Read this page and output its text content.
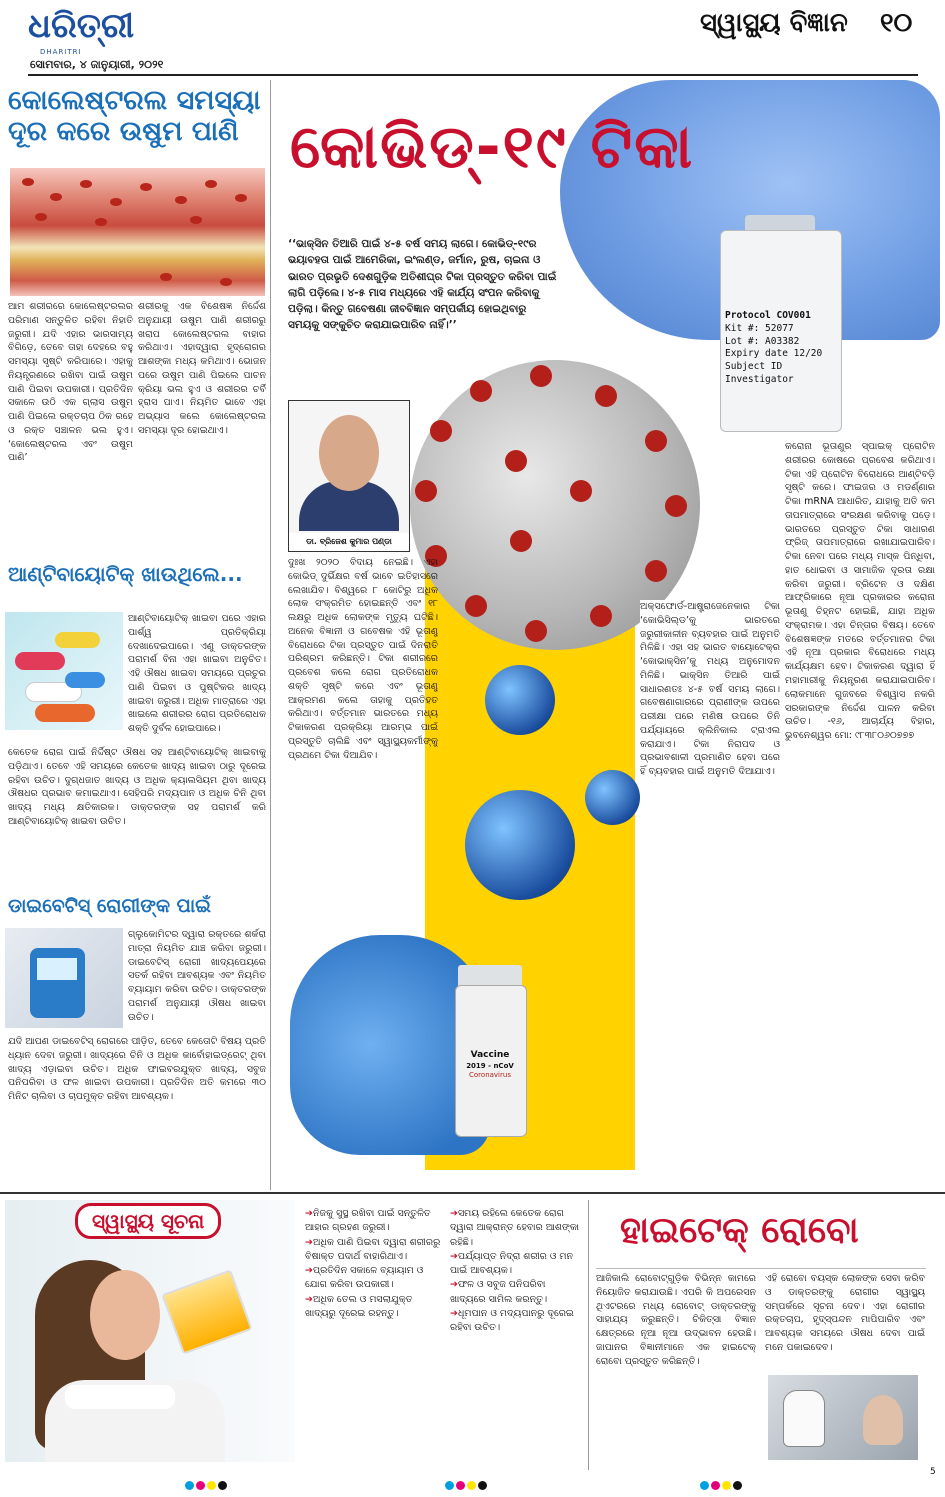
ଧରିତ୍ରୀ
DHARITRI
ସୋମବାର, ୪ ଜାନୁୟାରୀ, ୨୦୨୧
ସ୍ୱାସ୍ଥ୍ୟ ବିଜ୍ଞାନ ୧୦
କୋଲେଷ୍ଟରଲ ସମସ୍ୟା
ଦୂର କରେ ଉଷୁମ ପାଣି
ଆମ ଶରୀରରେ କୋଲେଷ୍ଟରଲର ପରିମାଣ ସନ୍ତୁଳିତ ରହିବା ନିହାତି ଜରୁରୀ। ଯଦି ଏହାର ଭାରସାମ୍ୟ ବିଗିଡ଼େ, ତେବେ ତାହା ଦେହରେ ବହୁ ସମସ୍ୟା ସୃଷ୍ଟି କରିପାରେ। ଏହାକୁ ନିୟନ୍ତ୍ରଣରେ ରଖିବା ପାଇଁ ଉଷୁମ ପାଣି ପିଇବା ଉପକାରୀ। ପ୍ରତିଦିନ ସକାଳେ ଉଠି ଏକ ଗ୍ଲାସ ଉଷୁମ ପାଣି ପିଇଲେ ରକ୍ତଚାପ ଠିକ ରହେ ଓ ରକ୍ତ ସଞ୍ଚାଳନ ଭଲ ହୁଏ। ‘କୋଲେଷ୍ଟରଲ ଏବଂ ଉଷୁମ ପାଣି’
ଶରୀରକୁ ଏକ ବିଶେଷଜ୍ଞ ନିର୍ଦ୍ଦେଶ ଅନୁଯାୟୀ ଉଷୁମ ପାଣି ଶରୀରରୁ ଖରାପ କୋଲେଷ୍ଟରଲ ବାହାର କରିଥାଏ। ଏହାଦ୍ୱାରା ହୃଦ୍‌ରୋଗର ଆଶଙ୍କା ମଧ୍ୟ କମିଥାଏ। ଭୋଜନ ପରେ ଉଷୁମ ପାଣି ପିଇଲେ ପାଚନ କ୍ରିୟା ଭଲ ହୁଏ ଓ ଶରୀରର ଚର୍ବି ହ୍ରାସ ପାଏ। ନିୟମିତ ଭାବେ ଏହା ଅଭ୍ୟାସ କଲେ କୋଲେଷ୍ଟରଲ ସମସ୍ୟା ଦୂର ହୋଇଥାଏ।
ଆଣ୍ଟିବାୟୋଟିକ୍ ଖାଉଥିଲେ...
ଆଣ୍ଟିବାୟୋଟିକ୍ ଖାଇବା ପରେ ଏହାର ପାର୍ଶ୍ୱ ପ୍ରତିକ୍ରିୟା ଦେଖାଦେଇପାରେ। ଏଣୁ ଡାକ୍ତରଙ୍କ ପରାମର୍ଶ ବିନା ଏହା ଖାଇବା ଅନୁଚିତ। ଏହି ଔଷଧ ଖାଇବା ସମୟରେ ପ୍ରଚୁର ପାଣି ପିଇବା ଓ ପୁଷ୍ଟିକର ଖାଦ୍ୟ ଖାଇବା ଜରୁରୀ। ଅଧିକ ମାତ୍ରାରେ ଏହା ଖାଇଲେ ଶରୀରର ରୋଗ ପ୍ରତିରୋଧକ ଶକ୍ତି ଦୁର୍ବଳ ହୋଇପାରେ।
କେତେକ ରୋଗ ପାଇଁ ନିର୍ଦ୍ଦିଷ୍ଟ ଔଷଧ ସହ ଆଣ୍ଟିବାୟୋଟିକ୍ ଖାଇବାକୁ ପଡ଼ିଥାଏ। ତେବେ ଏହି ସମୟରେ କେତେକ ଖାଦ୍ୟ ଖାଇବା ଠାରୁ ଦୂରେଇ ରହିବା ଉଚିତ। ଦୁଗ୍ଧଜାତ ଖାଦ୍ୟ ଓ ଅଧିକ କ୍ୟାଲସିୟମ ଥିବା ଖାଦ୍ୟ ଔଷଧର ପ୍ରଭାବ କମାଇଥାଏ। ସେହିପରି ମଦ୍ୟପାନ ଓ ଅଧିକ ଚିନି ଥିବା ଖାଦ୍ୟ ମଧ୍ୟ କ୍ଷତିକାରକ। ଡାକ୍ତରଙ୍କ ସହ ପରାମର୍ଶ କରି ଆଣ୍ଟିବାୟୋଟିକ୍ ଖାଇବା ଉଚିତ।
ଡାଇବେଟିସ୍ ରୋଗୀଙ୍କ ପାଇଁ
ଗ୍ଲୁକୋମିଟର ଦ୍ୱାରା ରକ୍ତରେ ଶର୍କରା ମାତ୍ରା ନିୟମିତ ଯାଞ୍ଚ କରିବା ଜରୁରୀ। ଡାଇବେଟିସ୍ ରୋଗୀ ଖାଦ୍ୟପେୟରେ ସତର୍କ ରହିବା ଆବଶ୍ୟକ ଏବଂ ନିୟମିତ ବ୍ୟାୟାମ କରିବା ଉଚିତ। ଡାକ୍ତରଙ୍କ ପରାମର୍ଶ ଅନୁଯାୟୀ ଔଷଧ ଖାଇବା ଉଚିତ।
ଯଦି ଆପଣ ଡାଇବେଟିସ୍ ରୋଗରେ ପୀଡ଼ିତ, ତେବେ କେତୋଟି ବିଷୟ ପ୍ରତି ଧ୍ୟାନ ଦେବା ଜରୁରୀ। ଖାଦ୍ୟରେ ଚିନି ଓ ଅଧିକ କାର୍ବୋହାଇଡ୍ରେଟ୍ ଥିବା ଖାଦ୍ୟ ଏଡ଼ାଇବା ଉଚିତ। ଅଧିକ ଫାଇବରଯୁକ୍ତ ଖାଦ୍ୟ, ସବୁଜ ପନିପରିବା ଓ ଫଳ ଖାଇବା ଉପକାରୀ। ପ୍ରତିଦିନ ଅତି କମରେ ୩୦ ମିନିଟ ଚାଲିବା ଓ ଚାପମୁକ୍ତ ରହିବା ଆବଶ୍ୟକ।
Protocol COV001
Kit #: 52077
Lot #: A03382
Expiry date 12/20
Subject ID
Investigator
କୋଭିଡ୍-୧୯ ଟିକା
‘‘ଭାକ୍‌ସିନ ତିଆରି ପାଇଁ ୪-୫ ବର୍ଷ ସମୟ ଲାଗେ। କୋଭିଡ୍-୧୯ର ଭୟାବହତା ପାଇଁ ଆମେରିକା, ଇଂଲଣ୍ଡ, ଜର୍ମାନ, ରୁଷ, ଚାଇନା ଓ ଭାରତ ପ୍ରଭୃତି ଦେଶଗୁଡ଼ିକ ଅତିଶୀଘ୍ର ଟିକା ପ୍ରସ୍ତୁତ କରିବା ପାଇଁ ଲାଗି ପଡ଼ିଲେ। ୪-୫ ମାସ ମଧ୍ୟରେ ଏହି କାର୍ଯ୍ୟ ସଂପନ କରିବାକୁ ପଡ଼ିଲା। କିନ୍ତୁ ଗବେଷଣା ଜୀବବିଜ୍ଞାନ ସମ୍ପର୍କୀୟ ହୋଇଥିବାରୁ ସମୟକୁ ସଙ୍କୁଚିତ କରାଯାଇପାରିବ ନାହିଁ।’’
ଡା. ବ୍ରିଜେଶ କୁମାର ପଣ୍ଡା
ଦୁଃଖ ୨୦୨୦ ବିଦାୟ ନେଇଛି। ଏହା କୋଭିଡ୍ ଦୁର୍ଭିକ୍ଷର ବର୍ଷ ଭାବେ ଇତିହାସରେ ଲେଖାଯିବ। ବିଶ୍ୱରେ ୮ କୋଟିରୁ ଅଧିକ ଲୋକ ସଂକ୍ରମିତ ହୋଇଛନ୍ତି ଏବଂ ୧୮ ଲକ୍ଷରୁ ଅଧିକ ଲୋକଙ୍କ ମୃତ୍ୟୁ ଘଟିଛି। ଅନେକ ବିଜ୍ଞାନୀ ଓ ଗବେଷକ ଏହି ଭୂତାଣୁ ବିରୋଧରେ ଟିକା ପ୍ରସ୍ତୁତ ପାଇଁ ଦିନରାତି ପରିଶ୍ରମ କରିଛନ୍ତି। ଟିକା ଶରୀରରେ ପ୍ରବେଶ କଲେ ରୋଗ ପ୍ରତିରୋଧକ ଶକ୍ତି ସୃଷ୍ଟି କରେ ଏବଂ ଭୂତାଣୁ ଆକ୍ରମଣ କଲେ ତାହାକୁ ପ୍ରତିହତ କରିଥାଏ। ବର୍ତ୍ତମାନ ଭାରତରେ ମଧ୍ୟ ଟିକାକରଣ ପ୍ରକ୍ରିୟା ଆରମ୍ଭ ପାଇଁ ପ୍ରସ୍ତୁତି ଚାଲିଛି ଏବଂ ସ୍ୱାସ୍ଥ୍ୟକର୍ମୀଙ୍କୁ ପ୍ରଥମେ ଟିକା ଦିଆଯିବ।
ଅକ୍ସଫୋର୍ଡ-ଆଷ୍ଟ୍ରାଜେନେକାର ଟିକା ‘କୋଭିସିଲ୍ଡ’କୁ ଭାରତରେ ଜରୁରୀକାଳୀନ ବ୍ୟବହାର ପାଇଁ ଅନୁମତି ମିଳିଛି। ଏହା ସହ ଭାରତ ବାୟୋଟେକ୍‌ର ‘କୋଭାକ୍ସିନ’କୁ ମଧ୍ୟ ଅନୁମୋଦନ ମିଳିଛି। ଭାକ୍‌ସିନ ତିଆରି ପାଇଁ ସାଧାରଣତଃ ୪-୫ ବର୍ଷ ସମୟ ଲାଗେ। ଗବେଷଣାଗାରରେ ପ୍ରାଣୀଙ୍କ ଉପରେ ପରୀକ୍ଷା ପରେ ମଣିଷ ଉପରେ ତିନି ପର୍ଯ୍ୟାୟରେ କ୍ଲିନିକାଲ ଟ୍ରାଏଲ କରାଯାଏ। ଟିକା ନିରାପଦ ଓ ପ୍ରଭାବଶାଳୀ ପ୍ରମାଣିତ ହେବା ପରେ ହିଁ ବ୍ୟବହାର ପାଇଁ ଅନୁମତି ଦିଆଯାଏ।
କରୋନା ଭୂତାଣୁର ସ୍ପାଇକ୍ ପ୍ରୋଟିନ ଶରୀରର କୋଷରେ ପ୍ରବେଶ କରିଥାଏ। ଟିକା ଏହି ପ୍ରୋଟିନ ବିରୋଧରେ ଆଣ୍ଟିବଡ଼ି ସୃଷ୍ଟି କରେ। ଫାଇଜର ଓ ମଡର୍ଣ୍ଣାର ଟିକା mRNA ଆଧାରିତ, ଯାହାକୁ ଅତି କମ ତାପମାତ୍ରାରେ ସଂରକ୍ଷଣ କରିବାକୁ ପଡ଼େ। ଭାରତରେ ପ୍ରସ୍ତୁତ ଟିକା ସାଧାରଣ ଫ୍ରିଜ୍ ତାପମାତ୍ରାରେ ରଖାଯାଇପାରିବ। ଟିକା ନେବା ପରେ ମଧ୍ୟ ମାସ୍କ ପିନ୍ଧିବା, ହାତ ଧୋଇବା ଓ ସାମାଜିକ ଦୂରତା ରକ୍ଷା କରିବା ଜରୁରୀ। ବ୍ରିଟେନ ଓ ଦକ୍ଷିଣ ଆଫ୍ରିକାରେ ନୂଆ ପ୍ରକାରର କରୋନା ଭୂତାଣୁ ଚିହ୍ନଟ ହୋଇଛି, ଯାହା ଅଧିକ ସଂକ୍ରାମକ। ଏହା ଚିନ୍ତାର ବିଷୟ। ତେବେ ବିଶେଷଜ୍ଞଙ୍କ ମତରେ ବର୍ତ୍ତମାନର ଟିକା ଏହି ନୂଆ ପ୍ରକାର ବିରୋଧରେ ମଧ୍ୟ କାର୍ଯ୍ୟକ୍ଷମ ହେବ। ଟିକାକରଣ ଦ୍ୱାରା ହିଁ ମହାମାରୀକୁ ନିୟନ୍ତ୍ରଣ କରାଯାଇପାରିବ। ଲୋକମାନେ ଗୁଜବରେ ବିଶ୍ୱାସ ନକରି ସରକାରଙ୍କ ନିର୍ଦ୍ଦେଶ ପାଳନ କରିବା ଉଚିତ। -୧୬, ଆଚାର୍ଯ୍ୟ ବିହାର, ଭୁବନେଶ୍ୱର ମୋ: ୯୮୩୮୦୬୦୭୭୭
Vaccine
2019 - nCoV
Coronavirus
ସ୍ୱାସ୍ଥ୍ୟ ସୂଚନା	➔ନିଜକୁ ସୁସ୍ଥ ରଖିବା ପାଇଁ ସନ୍ତୁଳିତ ଆହାର ଗ୍ରହଣ ଜରୁରୀ।
➔ଅଧିକ ପାଣି ପିଇବା ଦ୍ୱାରା ଶରୀରରୁ ବିଷାକ୍ତ ପଦାର୍ଥ ବାହାରିଥାଏ।
➔ପ୍ରତିଦିନ ସକାଳେ ବ୍ୟାୟାମ ଓ ଯୋଗ କରିବା ଉପକାରୀ।
➔ଅଧିକ ତେଲ ଓ ମସଲାଯୁକ୍ତ ଖାଦ୍ୟରୁ ଦୂରେଇ ରହନ୍ତୁ।
➔ସମୟ ରହିଲେ କେତେକ ରୋଗ ଦ୍ୱାରା ଆକ୍ରାନ୍ତ ହେବାର ଆଶଙ୍କା ରହିଛି।
➔ପର୍ଯ୍ୟାପ୍ତ ନିଦ୍ରା ଶରୀର ଓ ମନ ପାଇଁ ଆବଶ୍ୟକ।
➔ଫଳ ଓ ସବୁଜ ପନିପରିବା ଖାଦ୍ୟରେ ସାମିଲ କରନ୍ତୁ।
➔ଧୂମପାନ ଓ ମଦ୍ୟପାନରୁ ଦୂରେଇ ରହିବା ଉଚିତ।
ହାଇଟେକ୍ ରୋବୋ
ଆଜିକାଲି ରୋବୋଟ୍‌ଗୁଡ଼ିକ ବିଭିନ୍ନ କାମରେ ନିୟୋଜିତ କରାଯାଉଛି। ଏପରି କି ଅପରେସନ ଥିଏଟରରେ ମଧ୍ୟ ରୋବୋଟ୍ ଡାକ୍ତରଙ୍କୁ ସାହାଯ୍ୟ କରୁଛନ୍ତି। ଚିକିତ୍ସା ବିଜ୍ଞାନ କ୍ଷେତ୍ରରେ ନୂଆ ନୂଆ ଉଦ୍ଭାବନ ହେଉଛି। ଜାପାନର ବିଜ୍ଞାନୀମାନେ ଏକ ହାଇଟେକ୍ ରୋବୋ ପ୍ରସ୍ତୁତ କରିଛନ୍ତି।
ଏହି ରୋବୋ ବୟସ୍କ ଲୋକଙ୍କ ସେବା କରିବ ଓ ଡାକ୍ତରଙ୍କୁ ରୋଗୀର ସ୍ୱାସ୍ଥ୍ୟ ସମ୍ପର୍କରେ ସୂଚନା ଦେବ। ଏହା ରୋଗୀର ରକ୍ତଚାପ, ହୃଦ୍‌ସ୍ପନ୍ଦନ ମାପିପାରିବ ଏବଂ ଆବଶ୍ୟକ ସମୟରେ ଔଷଧ ଦେବା ପାଇଁ ମନେ ପକାଇଦେବ।
5
